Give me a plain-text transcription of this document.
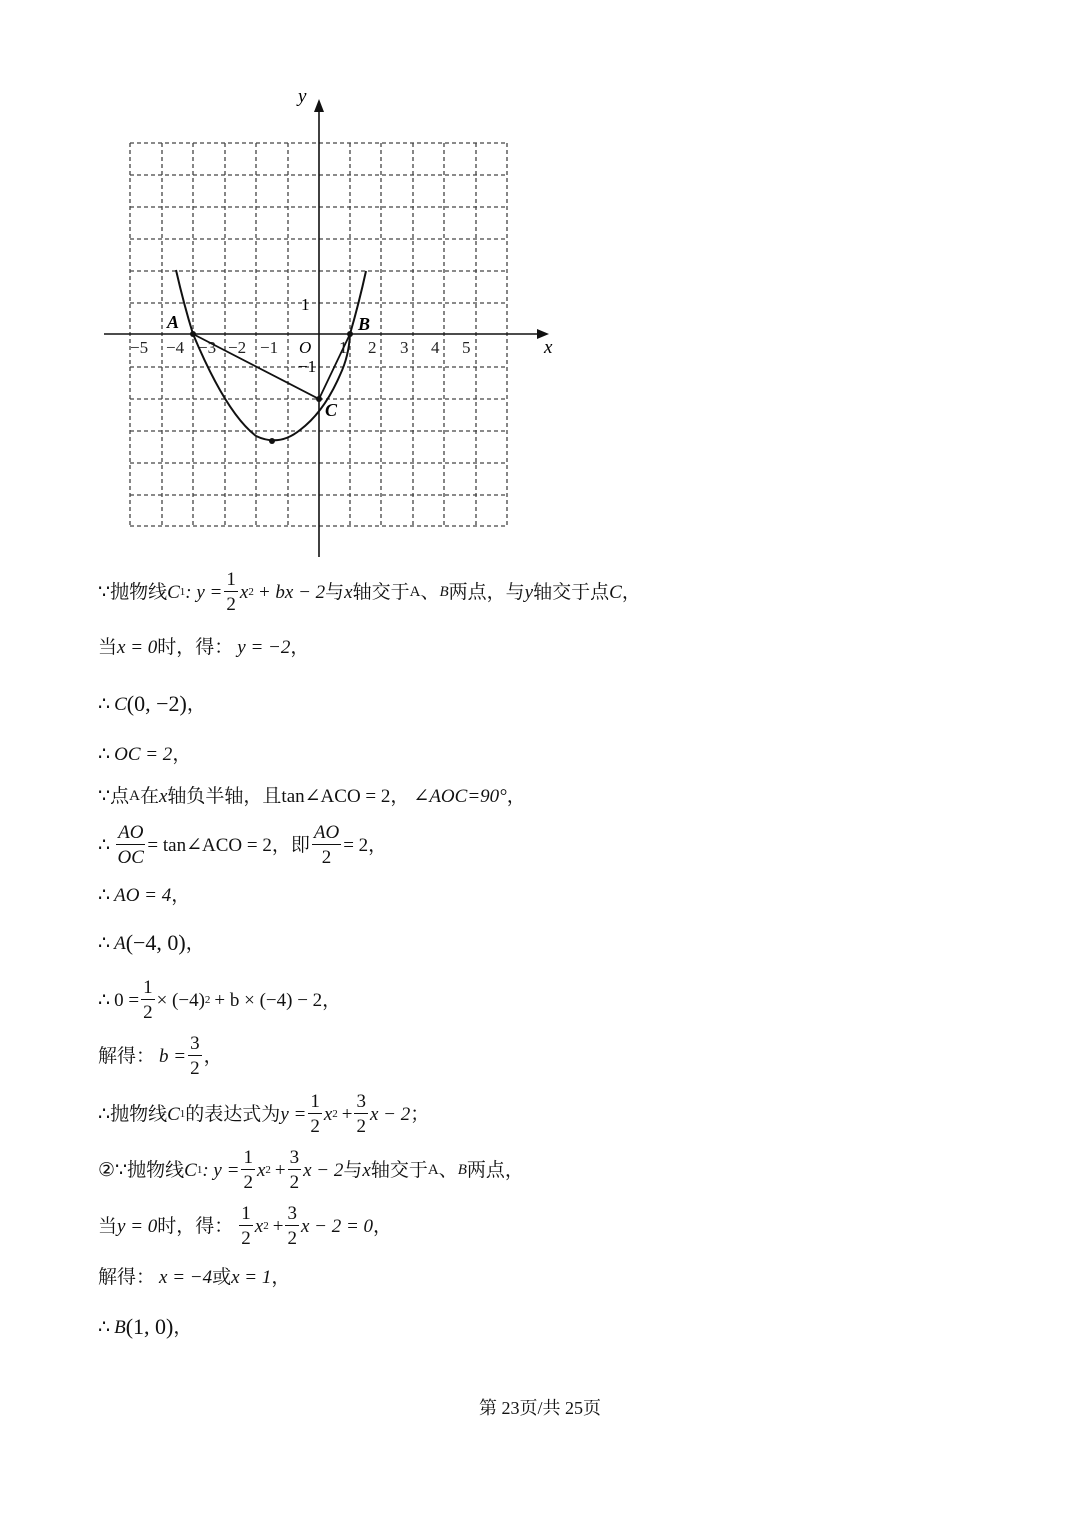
y
x
O
−5 −4 −3 −2 −1	1 2 3 4 5
1
−1
A	B
C
∵ 抛物线 C 1 : $y = \frac{1}{2}$ x 2 + bx − 2 与 x 轴交于 A 、 B 两点，与 y 轴交于点 C ，
当 x = 0 时，得： y = −2 ，
∴ C (0, −2) ，
∴ OC = 2 ，
∵ 点 A 在 x 轴负半轴，且 tan∠ACO = 2 ， ∠AOC=90° ，
∴ $\frac{AO}{OC}$ = tan∠ACO = 2 ，即 $\frac{AO}{2} = 2$ ，
∴ AO = 4 ，
∴ A (−4, 0) ，
∴ $0 = \frac{1}{2} \times (-4) 2 + b \times (-4) - 2$ ，
解得： $b = \frac{3}{2}$ ，
∴ 抛物线 C 1 的表达式为 $y = \frac{1}{2}$ x $2 + \frac{3}{2}$ x − 2 ；
② ∵ 抛物线 C 1 : $y = \frac{1}{2}$ x $2 + \frac{3}{2}$ x − 2 与 x 轴交于 A 、 B 两点，
当 y = 0 时，得： $\frac{1}{2}$ x $2 + \frac{3}{2}$ x − 2 = 0 ，
解得： x = −4 或 x = 1 ，
∴ B (1, 0) ，
第 23页/共 25页
